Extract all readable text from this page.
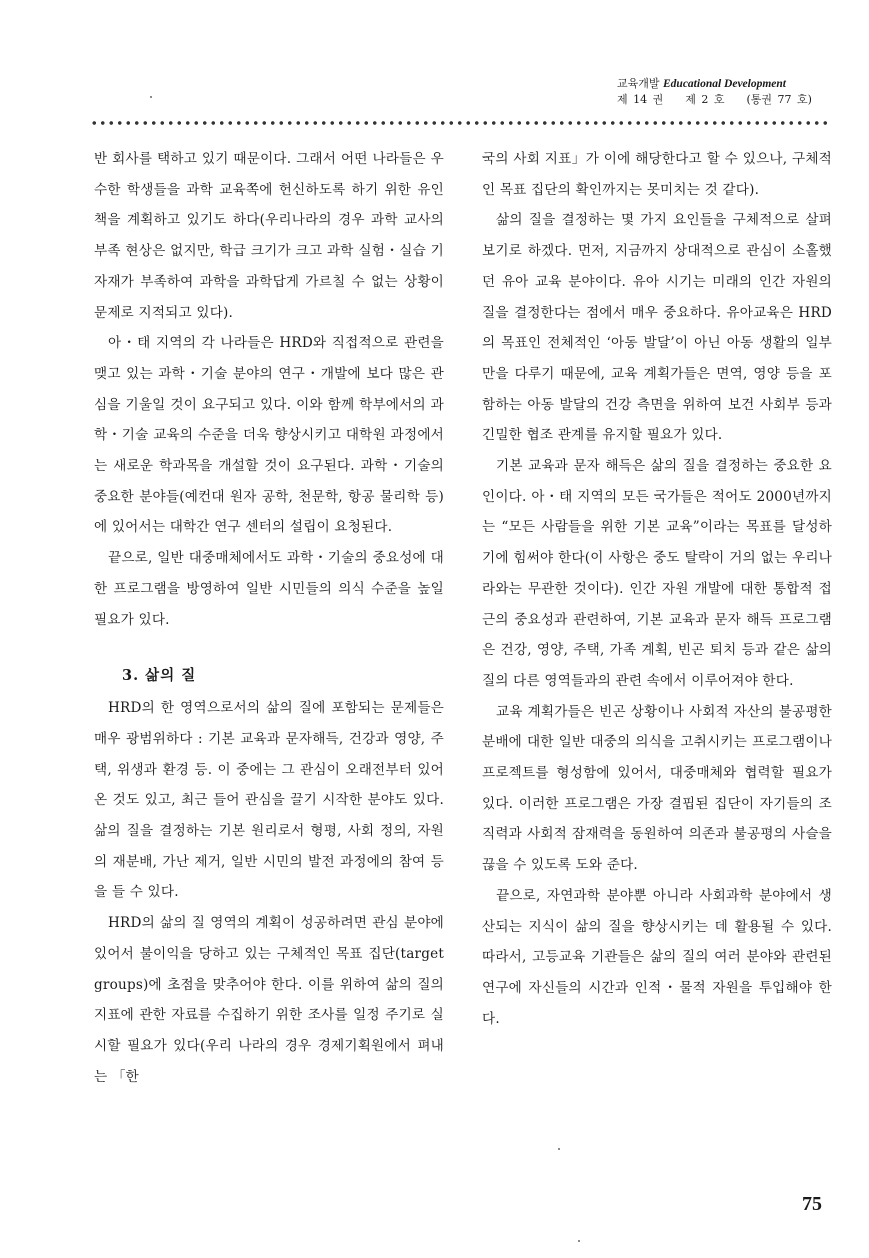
교육개발 Educational Development
제 14 권 제 2 호 (통권 77 호)

반 회사를 택하고 있기 때문이다. 그래서 어떤 나라들은 우수한 학생들을 과학 교육쪽에 헌신하도록 하기 위한 유인책을 계획하고 있기도 하다(우리나라의 경우 과학 교사의 부족 현상은 없지만, 학급 크기가 크고 과학 실험・실습 기자재가 부족하여 과학을 과학답게 가르칠 수 없는 상황이 문제로 지적되고 있다).

아・태 지역의 각 나라들은 HRD와 직접적으로 관련을 맺고 있는 과학・기술 분야의 연구・개발에 보다 많은 관심을 기울일 것이 요구되고 있다. 이와 함께 학부에서의 과학・기술 교육의 수준을 더욱 향상시키고 대학원 과정에서는 새로운 학과목을 개설할 것이 요구된다. 과학・기술의 중요한 분야들(예컨대 원자 공학, 천문학, 항공 물리학 등)에 있어서는 대학간 연구 센터의 설립이 요청된다.

끝으로, 일반 대중매체에서도 과학・기술의 중요성에 대한 프로그램을 방영하여 일반 시민들의 의식 수준을 높일 필요가 있다.

3. 삶의 질

HRD의 한 영역으로서의 삶의 질에 포함되는 문제들은 매우 광범위하다 : 기본 교육과 문자해득, 건강과 영양, 주택, 위생과 환경 등. 이 중에는 그 관심이 오래전부터 있어 온 것도 있고, 최근 들어 관심을 끌기 시작한 분야도 있다. 삶의 질을 결정하는 기본 원리로서 형평, 사회 정의, 자원의 재분배, 가난 제거, 일반 시민의 발전 과정에의 참여 등을 들 수 있다.

HRD의 삶의 질 영역의 계획이 성공하려면 관심 분야에 있어서 불이익을 당하고 있는 구체적인 목표 집단(target groups)에 초점을 맞추어야 한다. 이를 위하여 삶의 질의 지표에 관한 자료를 수집하기 위한 조사를 일정 주기로 실시할 필요가 있다(우리 나라의 경우 경제기획원에서 펴내는 「한

국의 사회 지표」가 이에 해당한다고 할 수 있으나, 구체적인 목표 집단의 확인까지는 못미치는 것 같다).

삶의 질을 결정하는 몇 가지 요인들을 구체적으로 살펴보기로 하겠다. 먼저, 지금까지 상대적으로 관심이 소홀했던 유아 교육 분야이다. 유아 시기는 미래의 인간 자원의 질을 결정한다는 점에서 매우 중요하다. 유아교육은 HRD의 목표인 전체적인 ‘아동 발달’이 아닌 아동 생활의 일부만을 다루기 때문에, 교육 계획가들은 면역, 영양 등을 포함하는 아동 발달의 건강 측면을 위하여 보건 사회부 등과 긴밀한 협조 관계를 유지할 필요가 있다.

기본 교육과 문자 해득은 삶의 질을 결정하는 중요한 요인이다. 아・태 지역의 모든 국가들은 적어도 2000년까지는 “모든 사람들을 위한 기본 교육”이라는 목표를 달성하기에 힘써야 한다(이 사항은 중도 탈락이 거의 없는 우리나라와는 무관한 것이다). 인간 자원 개발에 대한 통합적 접근의 중요성과 관련하여, 기본 교육과 문자 해득 프로그램은 건강, 영양, 주택, 가족 계획, 빈곤 퇴치 등과 같은 삶의 질의 다른 영역들과의 관련 속에서 이루어져야 한다.

교육 계획가들은 빈곤 상황이나 사회적 자산의 불공평한 분배에 대한 일반 대중의 의식을 고취시키는 프로그램이나 프로젝트를 형성함에 있어서, 대중매체와 협력할 필요가 있다. 이러한 프로그램은 가장 결핍된 집단이 자기들의 조직력과 사회적 잠재력을 동원하여 의존과 불공평의 사슬을 끊을 수 있도록 도와 준다.

끝으로, 자연과학 분야뿐 아니라 사회과학 분야에서 생산되는 지식이 삶의 질을 향상시키는 데 활용될 수 있다. 따라서, 고등교육 기관들은 삶의 질의 여러 분야와 관련된 연구에 자신들의 시간과 인적・물적 자원을 투입해야 한다.

75
